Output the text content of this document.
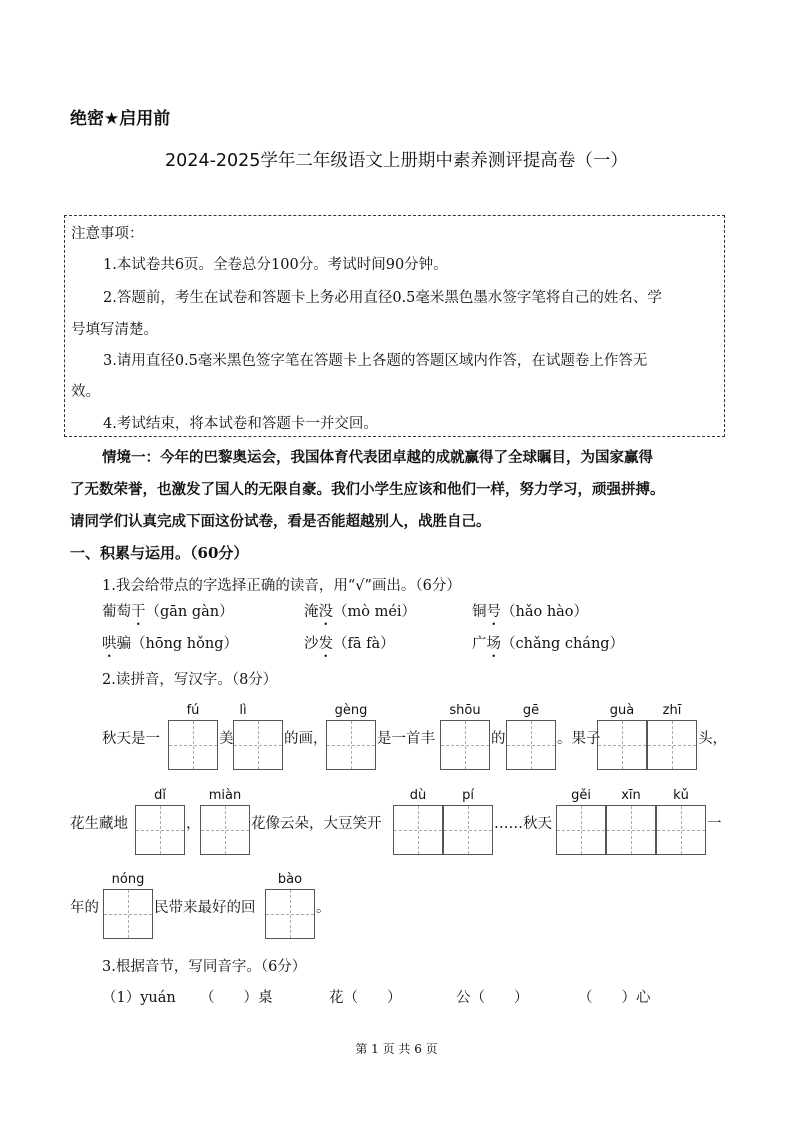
绝密★启用前
2024-2025学年二年级语文上册期中素养测评提高卷（一）
注意事项：
1.本试卷共6页。全卷总分100分。考试时间90分钟。
2.答题前，考生在试卷和答题卡上务必用直径0.5毫米黑色墨水签字笔将自己的姓名、学
号填写清楚。
3.请用直径0.5毫米黑色签字笔在答题卡上各题的答题区域内作答，在试题卷上作答无
效。
4.考试结束，将本试卷和答题卡一并交回。
情境一：今年的巴黎奥运会，我国体育代表团卓越的成就赢得了全球瞩目，为国家赢得
了无数荣誉，也激发了国人的无限自豪。我们小学生应该和他们一样，努力学习，顽强拼搏。
请同学们认真完成下面这份试卷，看是否能超越别人，战胜自己。
一、积累与运用。（60分）
1.我会给带点的字选择正确的读音，用“√”画出。（6分）
葡萄干（gān gàn）	淹没（mò méi）	铜号（hǎo hào）
哄骗（hōng hǒng）	沙发（fā fà）	广场（chǎng cháng）
2.读拼音，写汉字。（8分）
秋天是一
fú	lì
美	的画，
gèng
是一首丰
shōu
的
gē
。果子
guà	zhī
头，
花生藏地
dǐ
，
miàn
花像云朵，大豆笑开
dù	pí
……秋天
gěi	xīn	kǔ
一
年的
nóng
民带来最好的回
bào
。
3.根据音节，写同音字。（6分）
（1）yuán （　　）桌	花（　　）	公（　　）	（　　）心
第 1 页 共 6 页
